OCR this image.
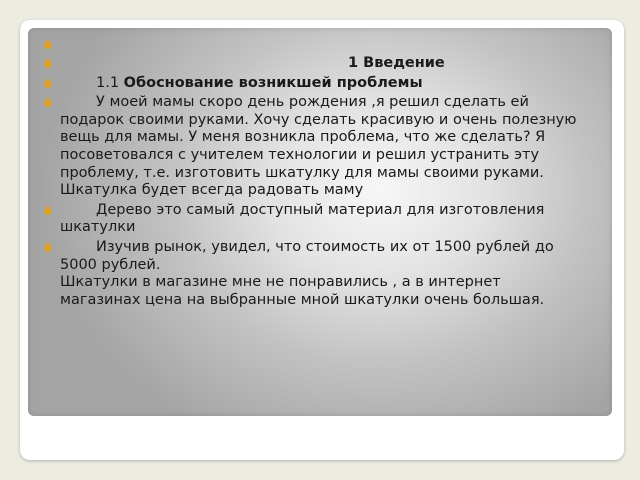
1 Введение
1.1 Обоснование возникшей проблемы
У моей мамы скоро день рождения ,я решил сделать ей подарок своими руками. Хочу сделать красивую и очень полезную вещь для мамы. У меня возникла проблема, что же сделать? Я посоветовался с учителем технологии и решил устранить эту проблему, т.е. изготовить шкатулку для мамы своими руками. Шкатулка будет всегда радовать маму
Дерево это самый доступный материал для изготовления шкатулки
Изучив рынок, увидел, что стоимость их от 1500 рублей до 5000 рублей.
Шкатулки в магазине мне не понравились , а в интернет магазинах цена на выбранные мной шкатулки очень большая.
